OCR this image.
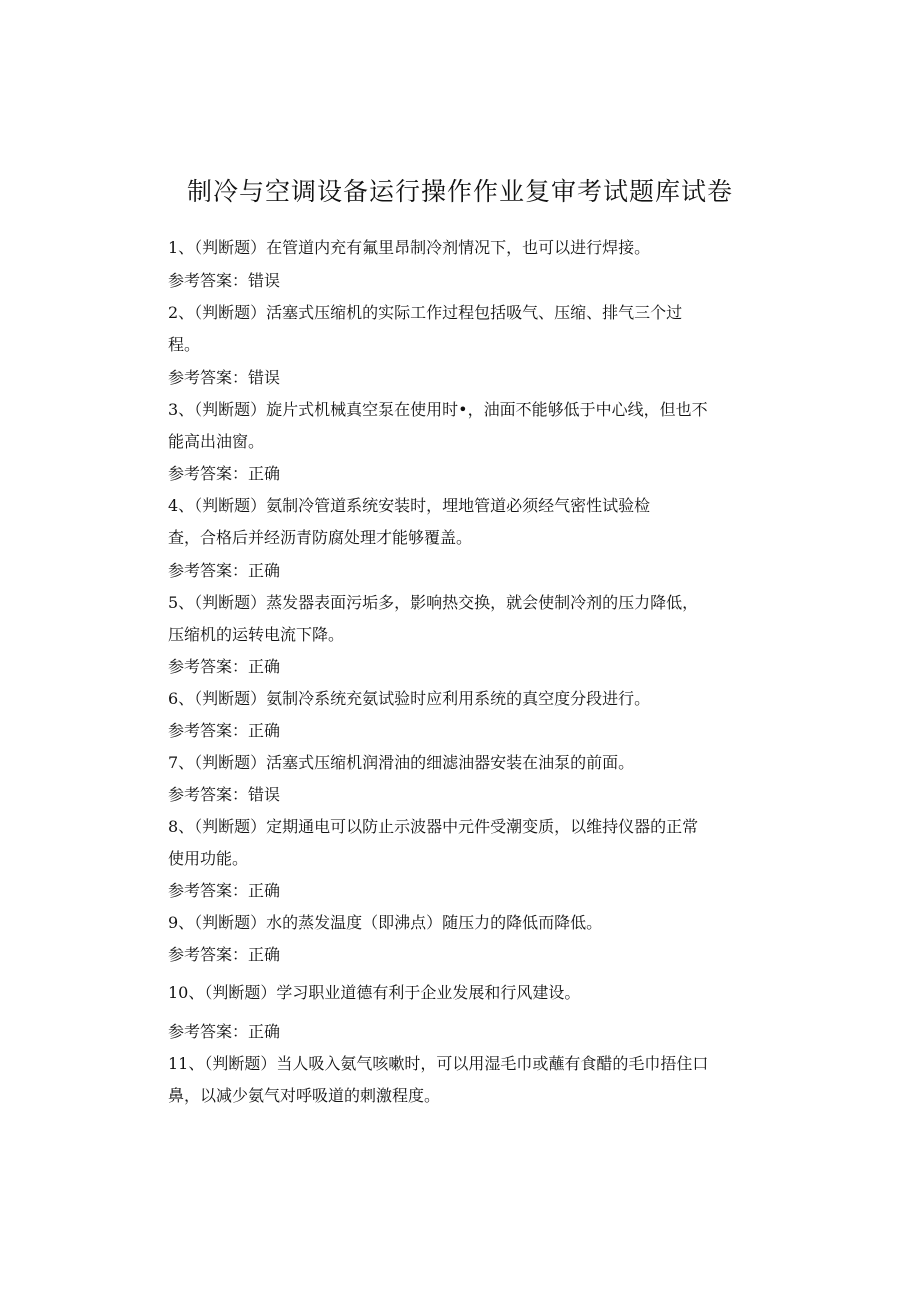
制冷与空调设备运行操作作业复审考试题库试卷
1、（判断题）在管道内充有氟里昂制冷剂情况下，也可以进行焊接。
参考答案：错误
2、（判断题）活塞式压缩机的实际工作过程包括吸气、压缩、排气三个过
程。
参考答案：错误
3、（判断题）旋片式机械真空泵在使用时•，油面不能够低于中心线，但也不
能高出油窗。
参考答案：正确
4、（判断题）氨制冷管道系统安装时，埋地管道必须经气密性试验检
查，合格后并经沥青防腐处理才能够覆盖。
参考答案：正确
5、（判断题）蒸发器表面污垢多，影响热交换，就会使制冷剂的压力降低，
压缩机的运转电流下降。
参考答案：正确
6、（判断题）氨制冷系统充氨试验时应利用系统的真空度分段进行。
参考答案：正确
7、（判断题）活塞式压缩机润滑油的细滤油器安装在油泵的前面。
参考答案：错误
8、（判断题）定期通电可以防止示波器中元件受潮变质，以维持仪器的正常
使用功能。
参考答案：正确
9、（判断题）水的蒸发温度（即沸点）随压力的降低而降低。
参考答案：正确
10、（判断题）学习职业道德有利于企业发展和行风建设。
参考答案：正确
11、（判断题）当人吸入氨气咳嗽时，可以用湿毛巾或蘸有食醋的毛巾捂住口
鼻，以减少氨气对呼吸道的刺激程度。
